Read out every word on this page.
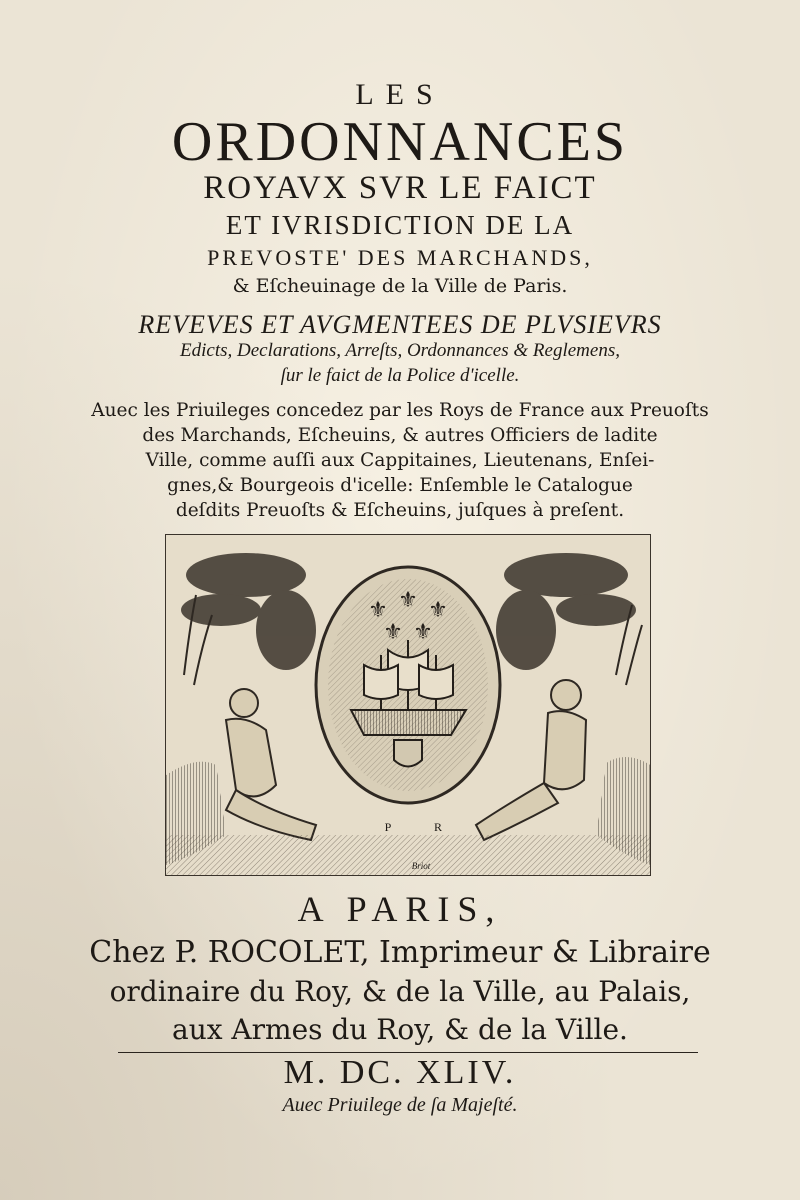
LES
ORDONNANCES
ROYAVX SVR LE FAICT
ET IVRISDICTION DE LA
PREVOSTE' DES MARCHANDS,
& Eſcheuinage de la Ville de Paris.
REVEVES ET AVGMENTEES DE PLVSIEVRS
Edicts, Declarations, Arreſts, Ordonnances & Reglemens,
ſur le faict de la Police d'icelle.
Auec les Priuileges concedez par les Roys de France aux Preuoſts
des Marchands, Eſcheuins, & autres Officiers de ladite
Ville, comme auſſi aux Cappitaines, Lieutenans, Enſei-
gnes,& Bourgeois d'icelle: Enſemble le Catalogue
deſdits Preuoſts & Eſcheuins, juſques à preſent.
⚜ ⚜ ⚜
⚜ ⚜
P	R
Briot
A PARIS,
Chez P. ROCOLET, Imprimeur & Libraire
ordinaire du Roy, & de la Ville, au Palais,
aux Armes du Roy, & de la Ville.
M. DC. XLIV.
Auec Priuilege de ſa Majeſté.
